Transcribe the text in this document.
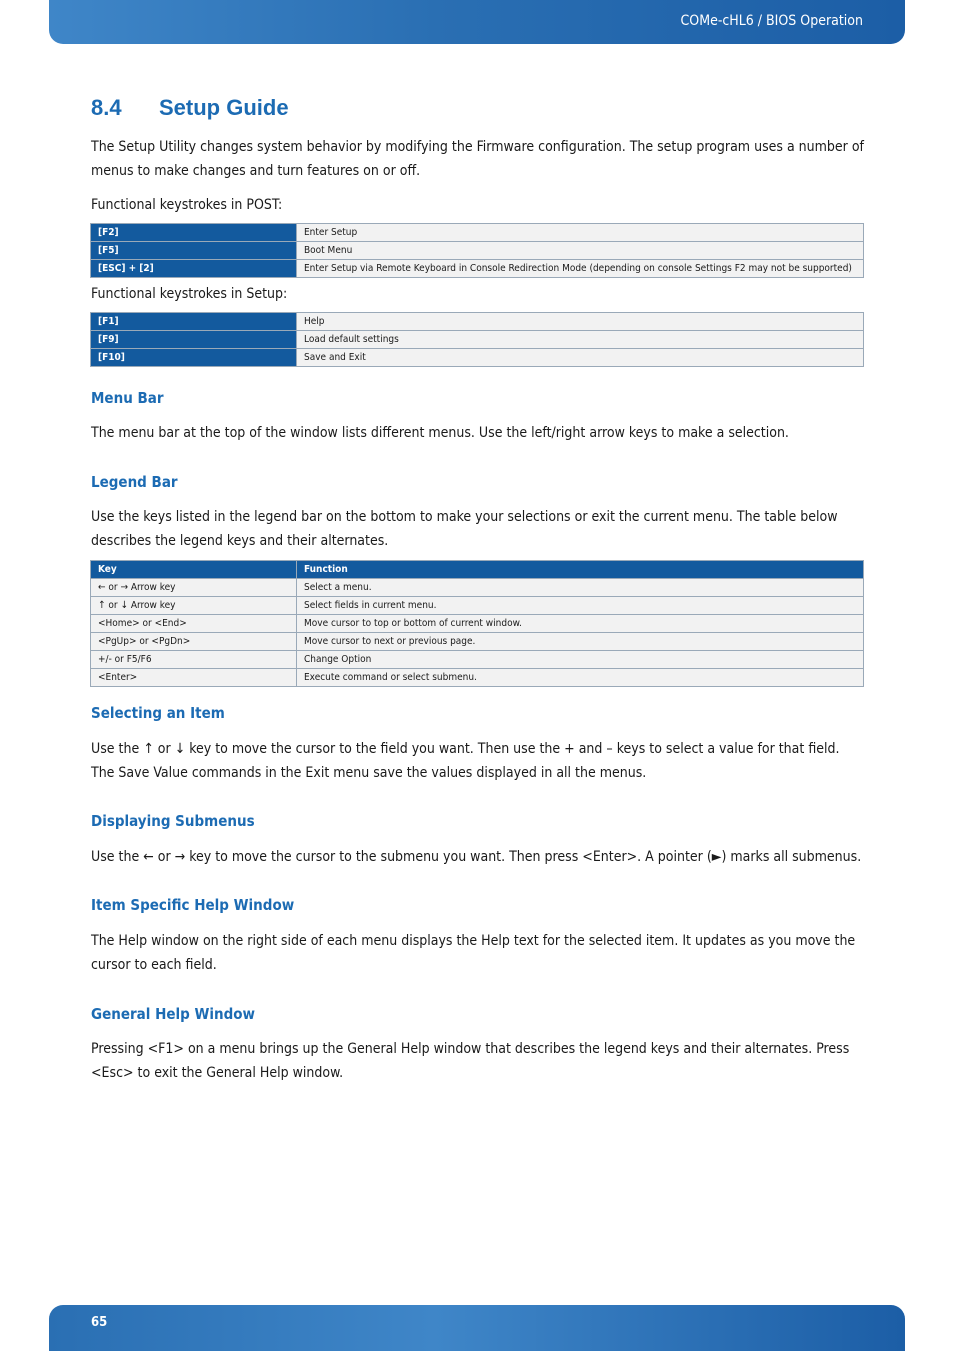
COMe-cHL6 / BIOS Operation
8.4 Setup Guide

The Setup Utility changes system behavior by modifying the Firmware configuration. The setup program uses a number of menus to make changes and turn features on or off.

Functional keystrokes in POST:

[F2]	Enter Setup
[F5]	Boot Menu
[ESC] + [2]	Enter Setup via Remote Keyboard in Console Redirection Mode (depending on console Settings F2 may not be supported)

Functional keystrokes in Setup:

[F1]	Help
[F9]	Load default settings
[F10]	Save and Exit
Menu Bar

The menu bar at the top of the window lists different menus. Use the left/right arrow keys to make a selection.

Legend Bar

Use the keys listed in the legend bar on the bottom to make your selections or exit the current menu. The table below describes the legend keys and their alternates.

Key	Function
← or → Arrow key	Select a menu.
↑ or ↓ Arrow key	Select fields in current menu.
<Home> or <End>	Move cursor to top or bottom of current window.
<PgUp> or <PgDn>	Move cursor to next or previous page.
+/- or F5/F6	Change Option
<Enter>	Execute command or select submenu.
Selecting an Item

Use the ↑ or ↓ key to move the cursor to the field you want. Then use the + and – keys to select a value for that field. The Save Value commands in the Exit menu save the values displayed in all the menus.

Displaying Submenus

Use the ← or → key to move the cursor to the submenu you want. Then press <Enter>. A pointer (►) marks all submenus.

Item Specific Help Window

The Help window on the right side of each menu displays the Help text for the selected item. It updates as you move the cursor to each field.

General Help Window

Pressing <F1> on a menu brings up the General Help window that describes the legend keys and their alternates. Press <Esc> to exit the General Help window.

65
